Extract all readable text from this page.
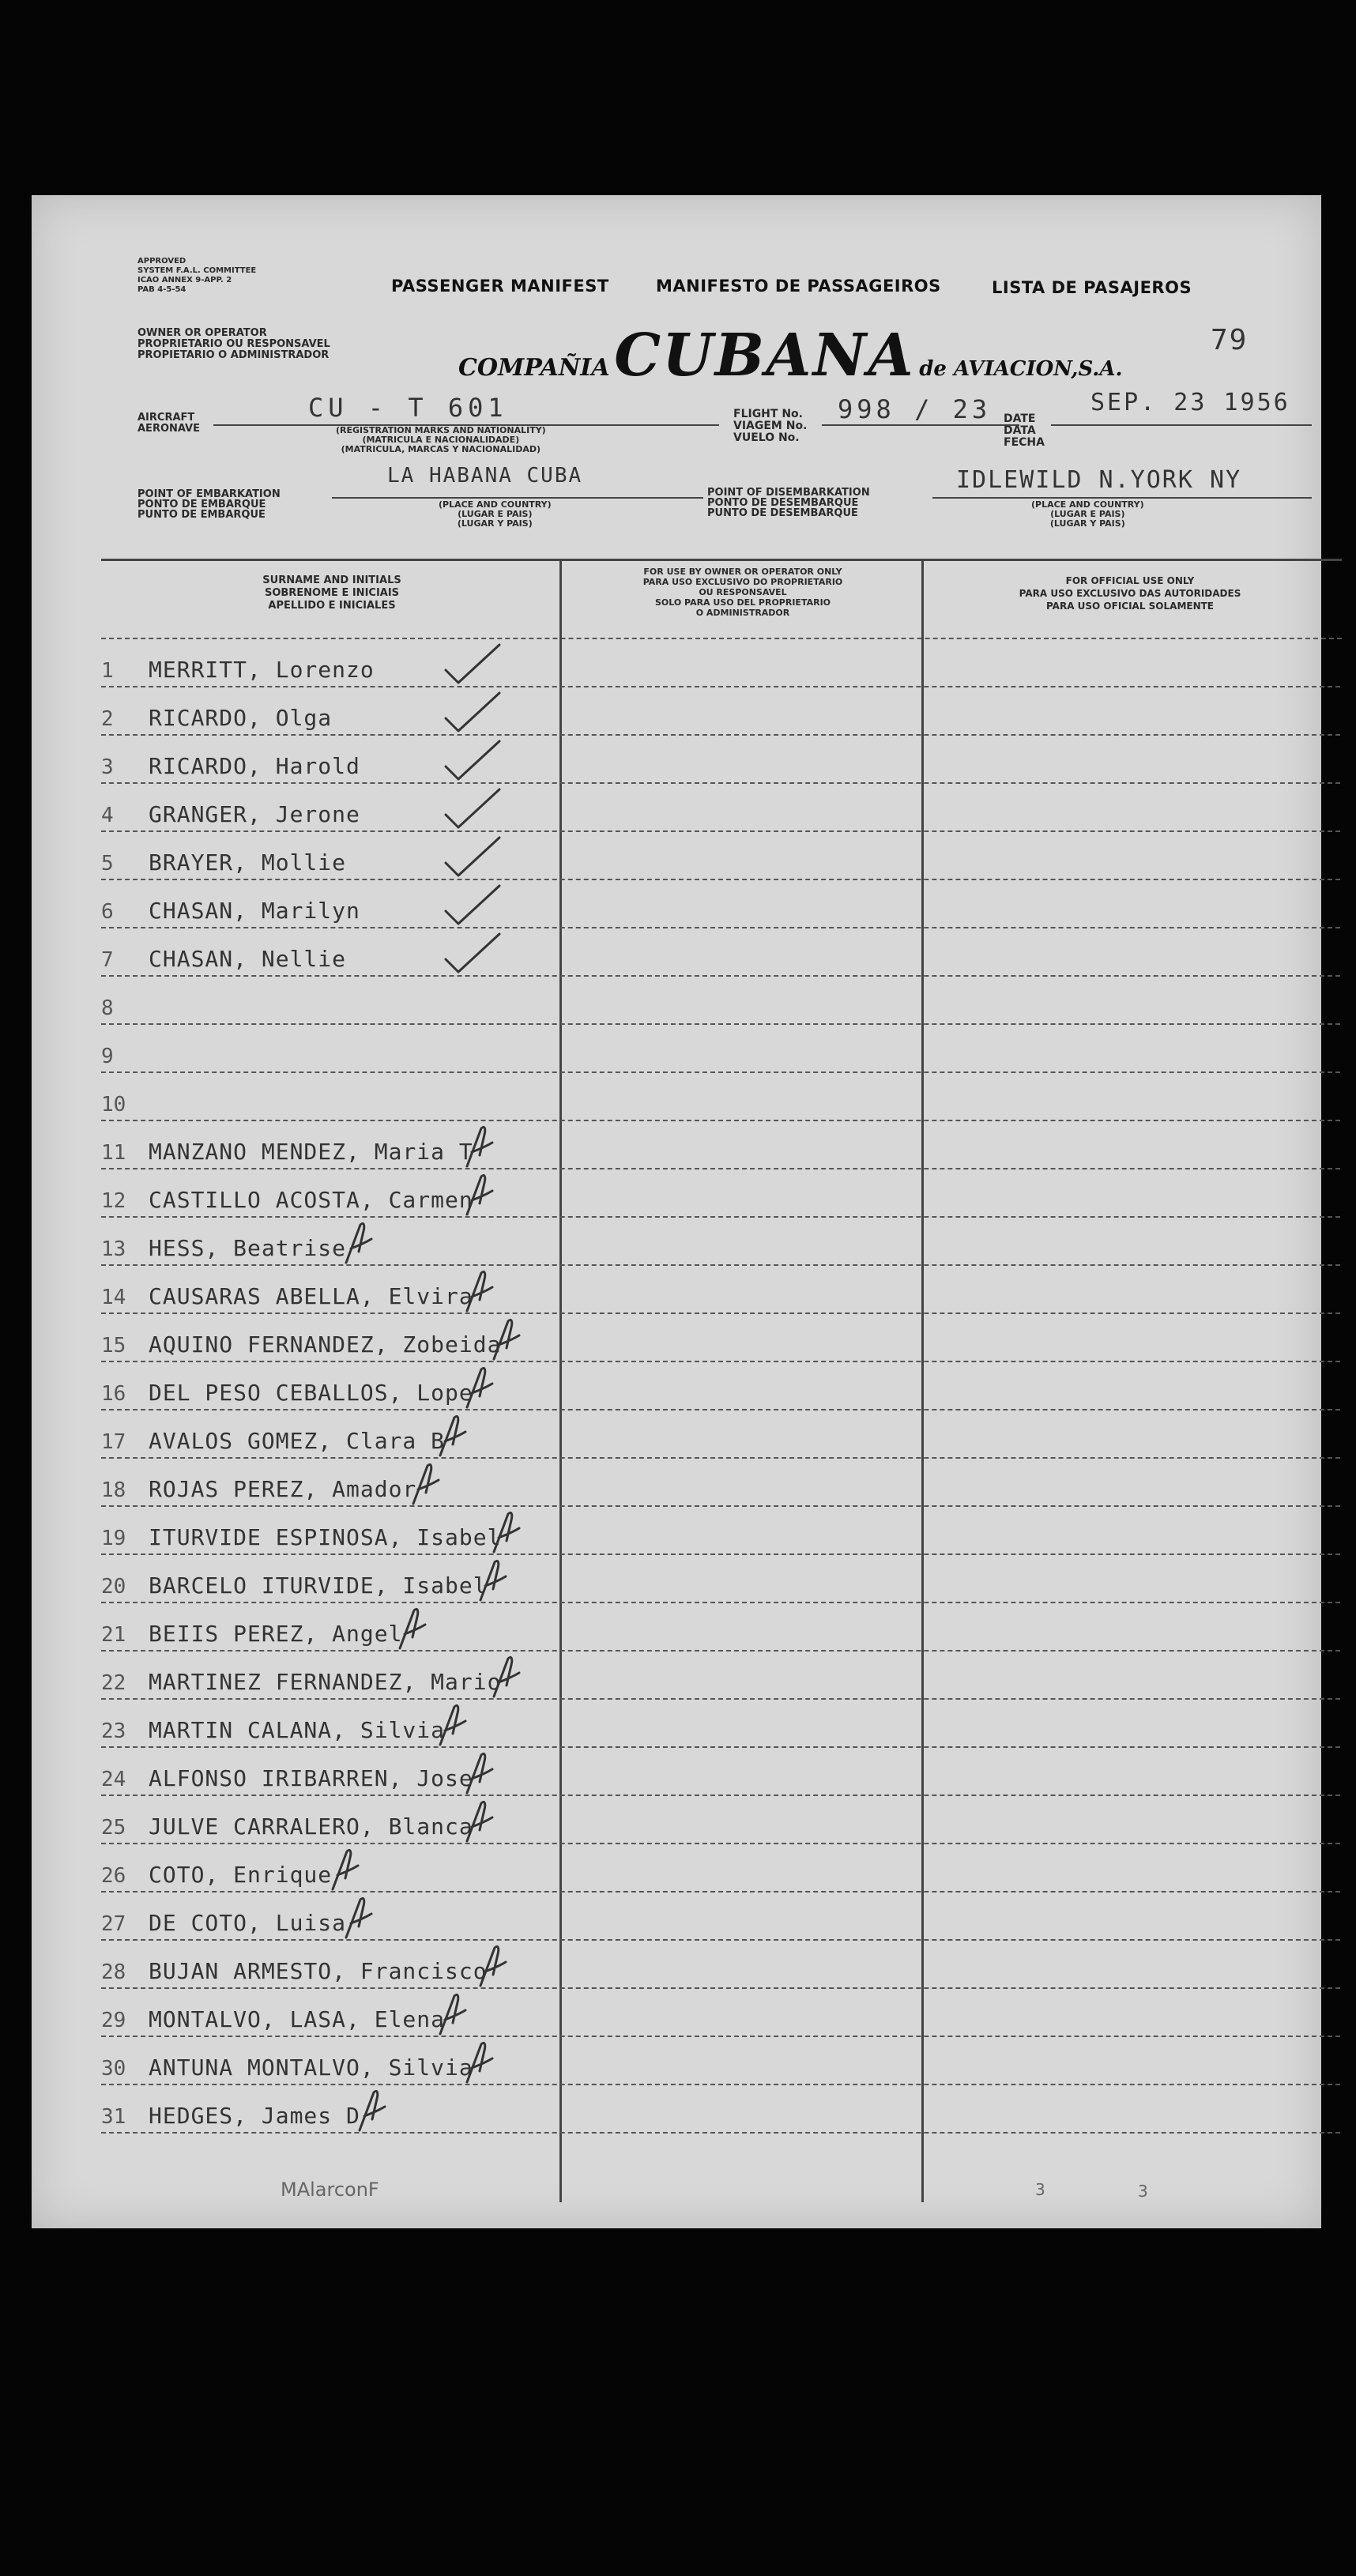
APPROVED
SYSTEM F.A.L. COMMITTEE
ICAO ANNEX 9-APP. 2
PAB 4-5-54	PASSENGER MANIFEST	MANIFESTO DE PASSAGEIROS	LISTA DE PASAJEROS
OWNER OR OPERATOR
PROPRIETARIO OU RESPONSAVEL
PROPIETARIO O ADMINISTRADOR	COMPAÑIA CUBANA de AVIACION,S.A.
79
AIRCRAFT
AERONAVE
CU - T 601
(REGISTRATION MARKS AND NATIONALITY)
(MATRICULA E NACIONALIDADE)
(MATRICULA, MARCAS Y NACIONALIDAD)
FLIGHT No.
VIAGEM No.
VUELO No.
998 / 23 DATE
DATA
FECHA
SEP. 23 1956
POINT OF EMBARKATION
PONTO DE EMBARQUE
PUNTO DE EMBARQUE
LA HABANA CUBA
(PLACE AND COUNTRY)
(LUGAR E PAIS)
(LUGAR Y PAIS)
POINT OF DISEMBARKATION
PONTO DE DESEMBARQUE
PUNTO DE DESEMBARQUE
IDLEWILD N.YORK NY
(PLACE AND COUNTRY)
(LUGAR E PAIS)
(LUGAR Y PAIS)
SURNAME AND INITIALS
SOBRENOME E INICIAIS
APELLIDO E INICIALES
FOR USE BY OWNER OR OPERATOR ONLY
PARA USO EXCLUSIVO DO PROPRIETARIO
OU RESPONSAVEL
SOLO PARA USO DEL PROPRIETARIO
O ADMINISTRADOR
FOR OFFICIAL USE ONLY
PARA USO EXCLUSIVO DAS AUTORIDADES
PARA USO OFICIAL SOLAMENTE
1 MERRITT, Lorenzo
2 RICARDO, Olga
3 RICARDO, Harold
4 GRANGER, Jerone
5 BRAYER, Mollie
6 CHASAN, Marilyn
7 CHASAN, Nellie
8
9
10
11 MANZANO MENDEZ, Maria T
12 CASTILLO ACOSTA, Carmen
13 HESS, Beatrise
14 CAUSARAS ABELLA, Elvira
15 AQUINO FERNANDEZ, Zobeida
16 DEL PESO CEBALLOS, Lope
17 AVALOS GOMEZ, Clara B
18 ROJAS PEREZ, Amador
19 ITURVIDE ESPINOSA, Isabel
20 BARCELO ITURVIDE, Isabel
21 BEIIS PEREZ, Angel
22 MARTINEZ FERNANDEZ, Mario
23 MARTIN CALANA, Silvia
24 ALFONSO IRIBARREN, Jose
25 JULVE CARRALERO, Blanca
26 COTO, Enrique
27 DE COTO, Luisa
28 BUJAN ARMESTO, Francisco
29 MONTALVO, LASA, Elena
30 ANTUNA MONTALVO, Silvia
31 HEDGES, James D
MAlarconF	3	3
